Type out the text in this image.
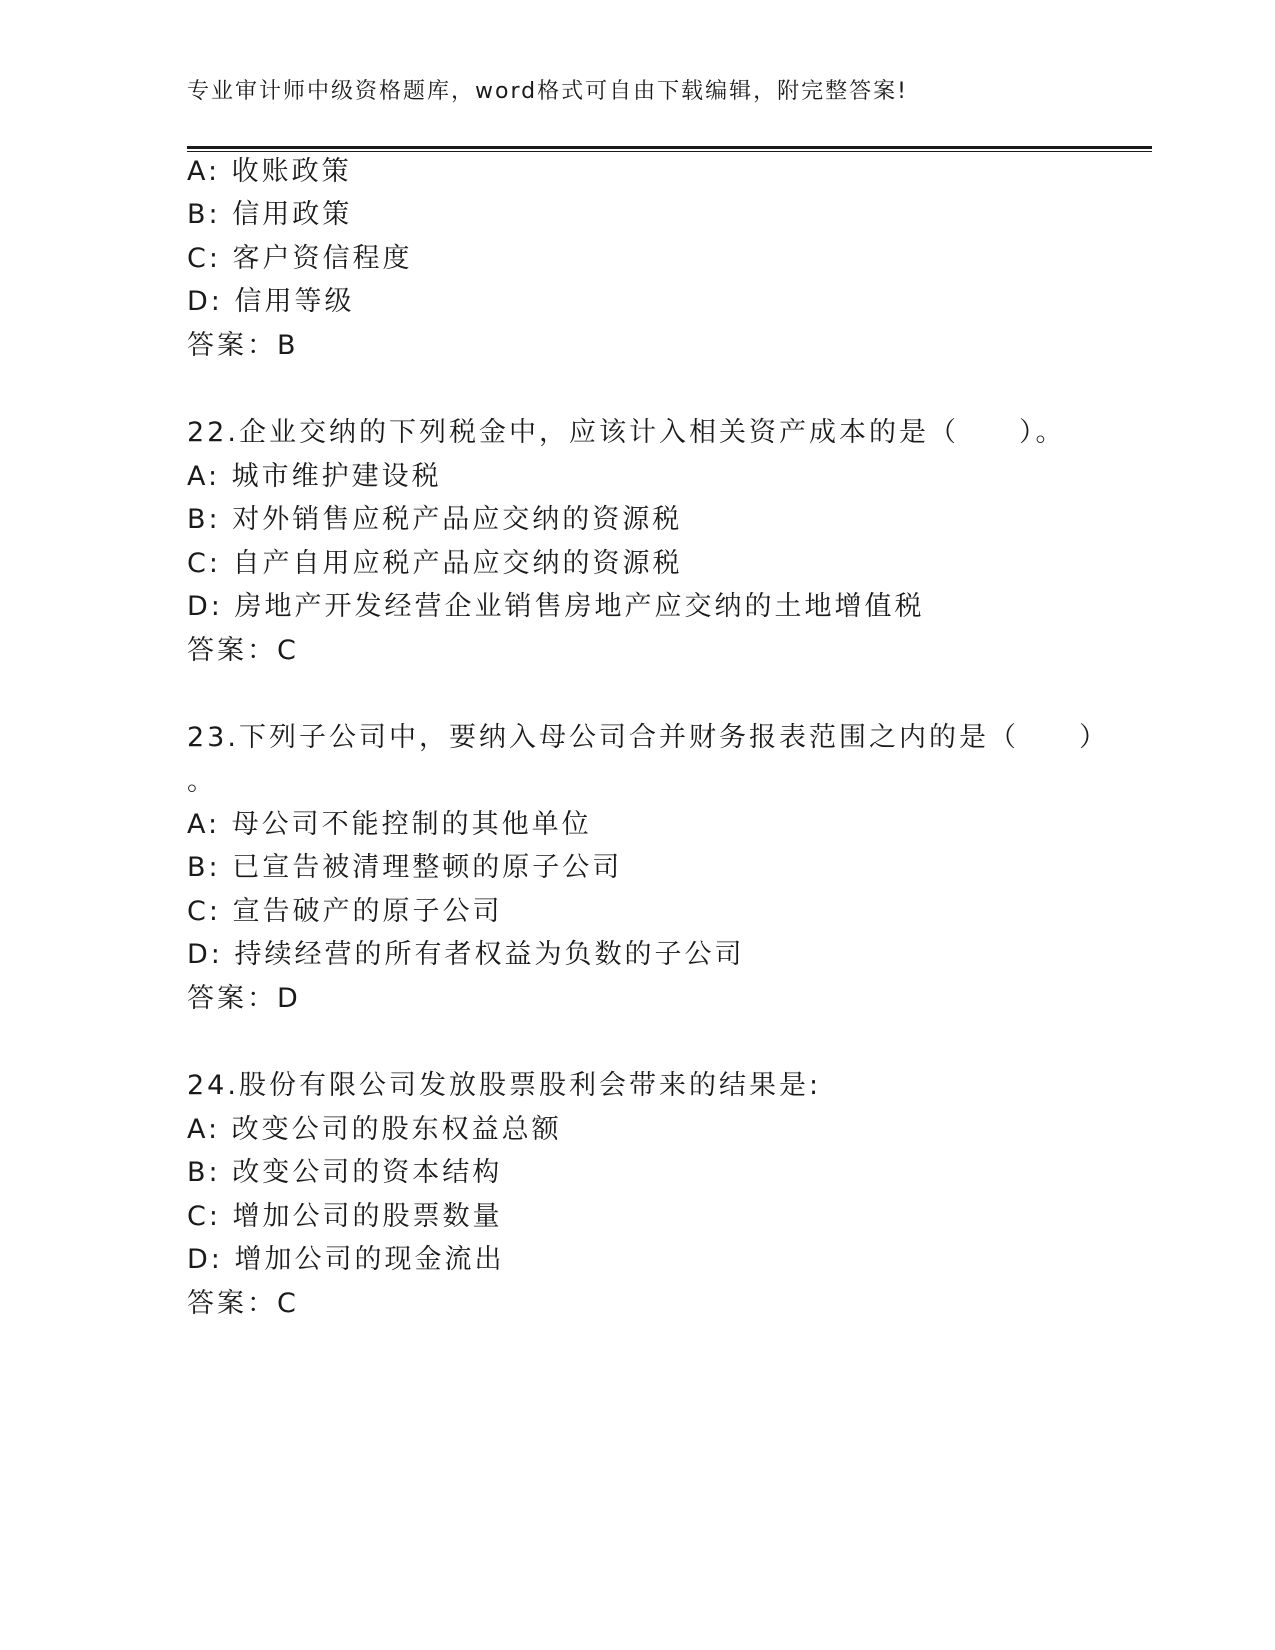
专业审计师中级资格题库，word格式可自由下载编辑，附完整答案!
A: 收账政策
B: 信用政策
C: 客户资信程度
D: 信用等级
答案：B
22.企业交纳的下列税金中，应该计入相关资产成本的是（　　）。
A: 城市维护建设税
B: 对外销售应税产品应交纳的资源税
C: 自产自用应税产品应交纳的资源税
D: 房地产开发经营企业销售房地产应交纳的土地增值税
答案：C
23.下列子公司中，要纳入母公司合并财务报表范围之内的是（　　）
。
A: 母公司不能控制的其他单位
B: 已宣告被清理整顿的原子公司
C: 宣告破产的原子公司
D: 持续经营的所有者权益为负数的子公司
答案：D
24.股份有限公司发放股票股利会带来的结果是:
A: 改变公司的股东权益总额
B: 改变公司的资本结构
C: 增加公司的股票数量
D: 增加公司的现金流出
答案：C
